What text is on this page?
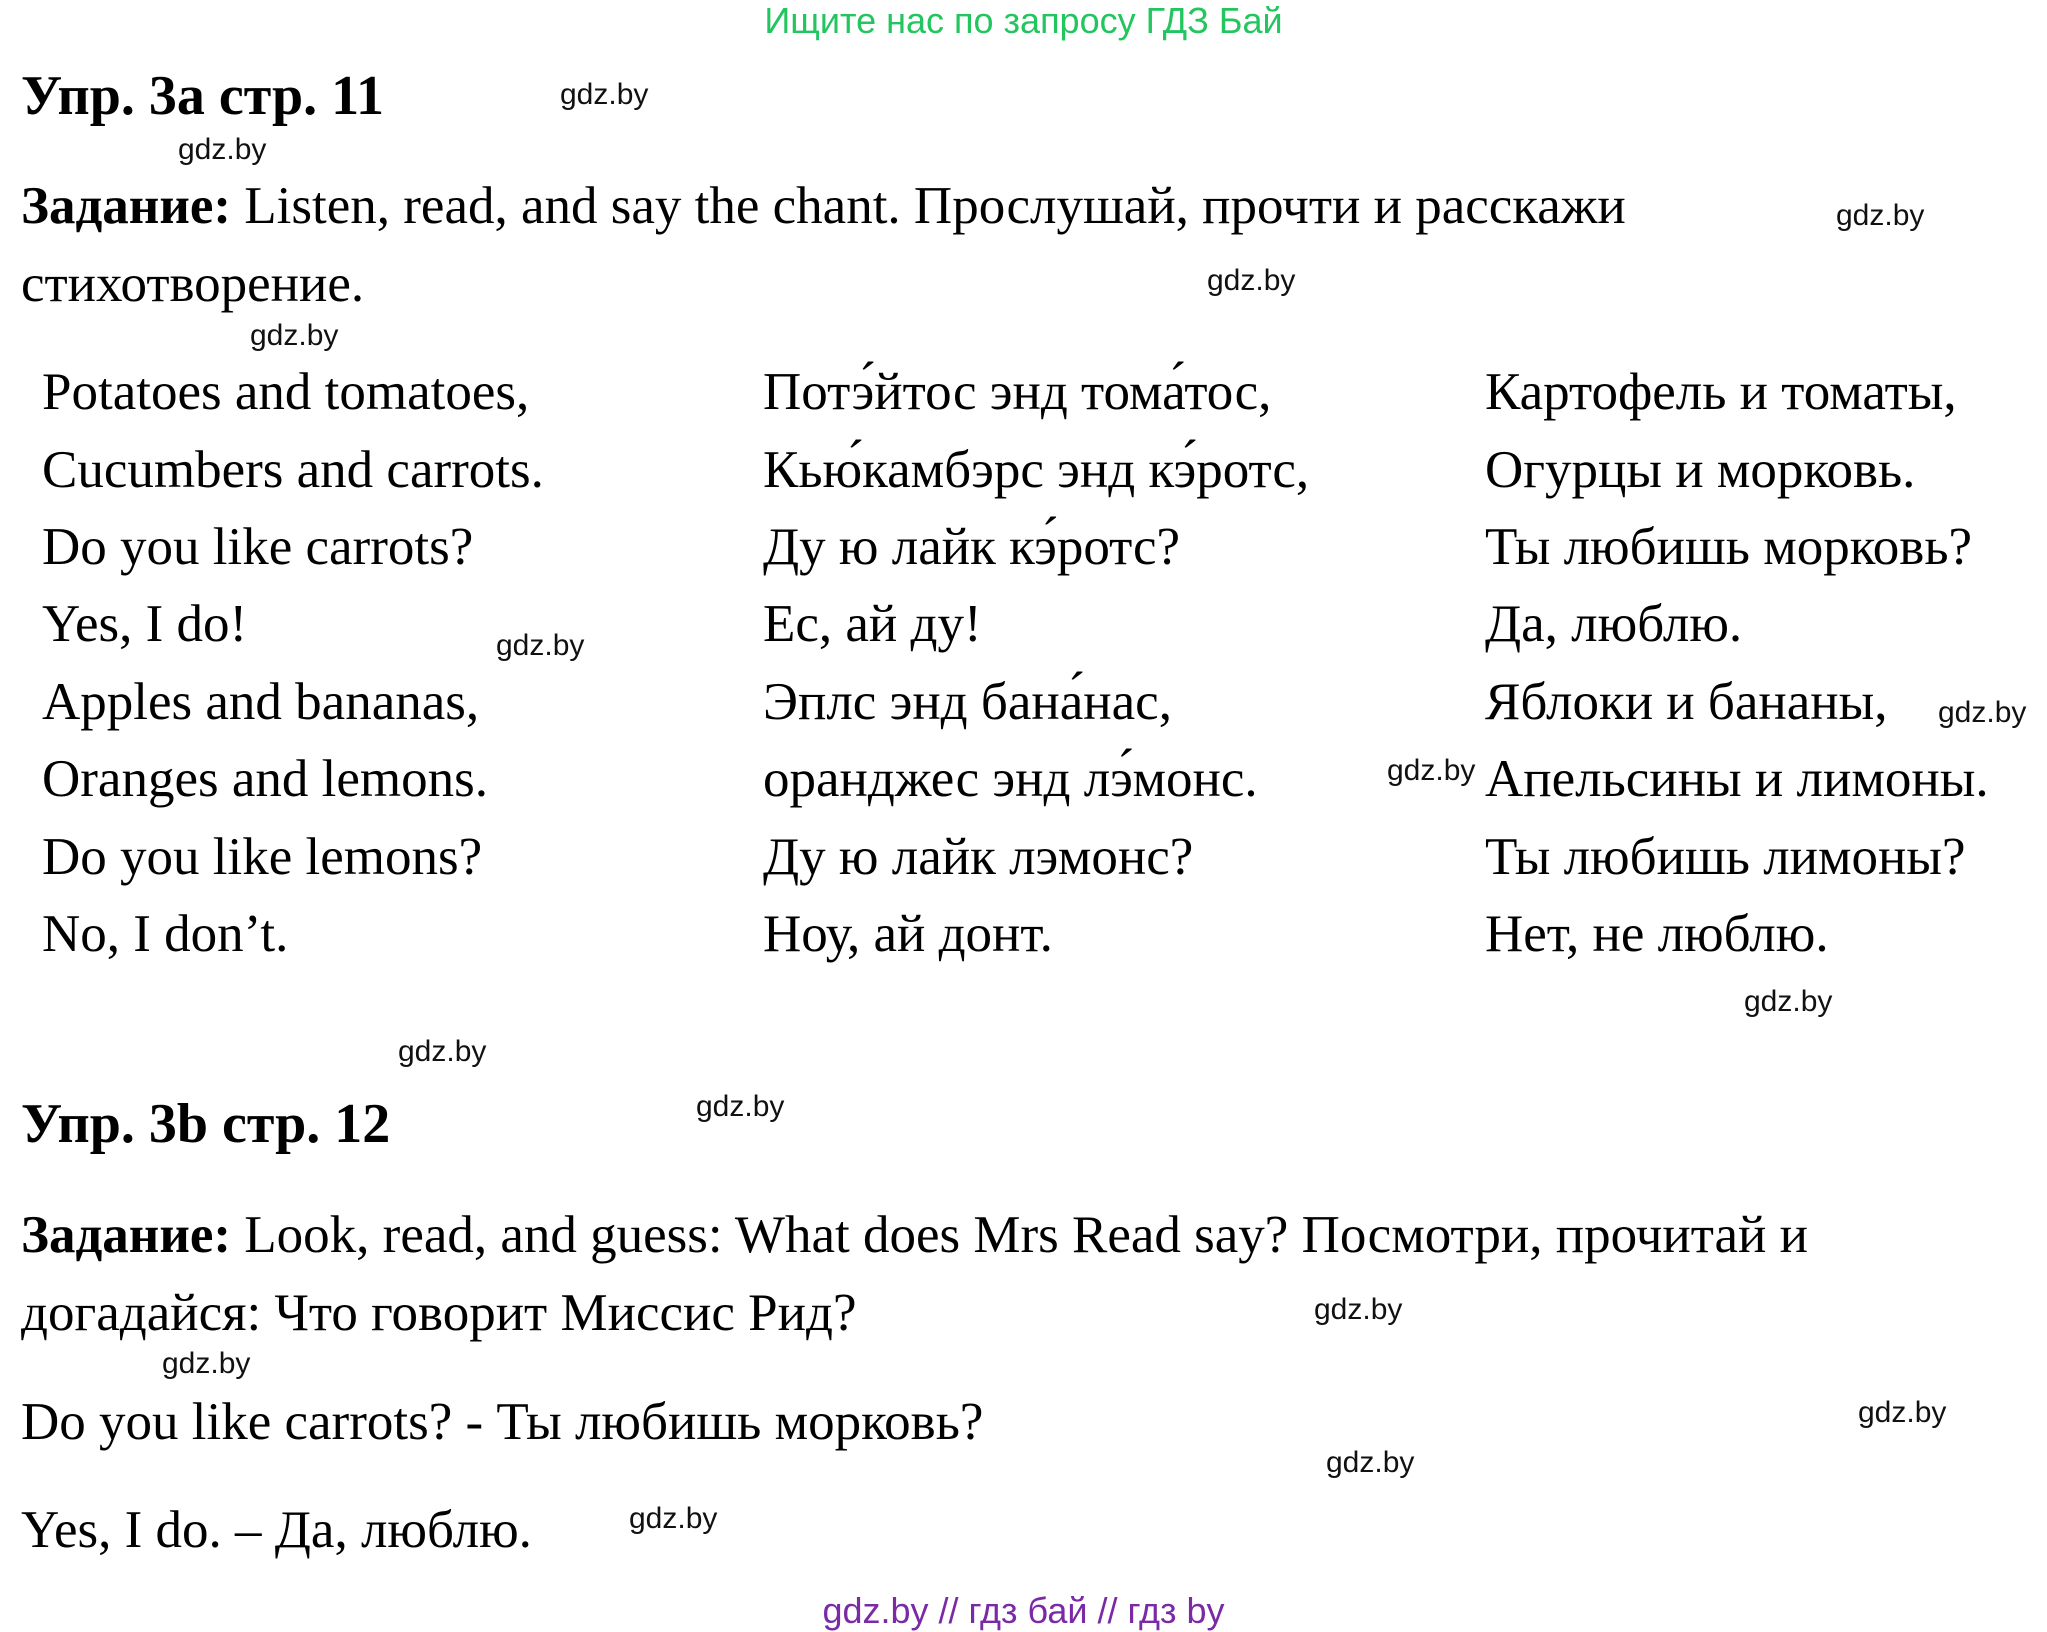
Ищите нас по запросу ГДЗ Бай
Упр. 3a стр. 11
Задание: Listen, read, and say the chant. Прослушай, прочти и расскажи
стихотворение.
Potatoes and tomatoes,
Cucumbers and carrots.
Do you like carrots?
Yes, I do!
Apples and bananas,
Oranges and lemons.
Do you like lemons?
No, I don’t.
Потэ́йтос энд тома́тос,
Кью́камбэрс энд кэ́ротс,
Ду ю лайк кэ́ротс?
Ес, ай ду!
Эплс энд бана́нас,
оранджес энд лэ́монс.
Ду ю лайк лэмонс?
Ноу, ай донт.
Картофель и томаты,
Огурцы и морковь.
Ты любишь морковь?
Да, люблю.
Яблоки и бананы,
Апельсины и лимоны.
Ты любишь лимоны?
Нет, не люблю.
Упр. 3b стр. 12
Задание: Look, read, and guess: What does Mrs Read say? Посмотри, прочитай и
догадайся: Что говорит Миссис Рид?
Do you like carrots? - Ты любишь морковь?
Yes, I do. – Да, люблю.
gdz.by
gdz.by
gdz.by
gdz.by
gdz.by
gdz.by
gdz.by
gdz.by
gdz.by
gdz.by
gdz.by
gdz.by
gdz.by
gdz.by
gdz.by
gdz.by
gdz.by // гдз бай // гдз by
